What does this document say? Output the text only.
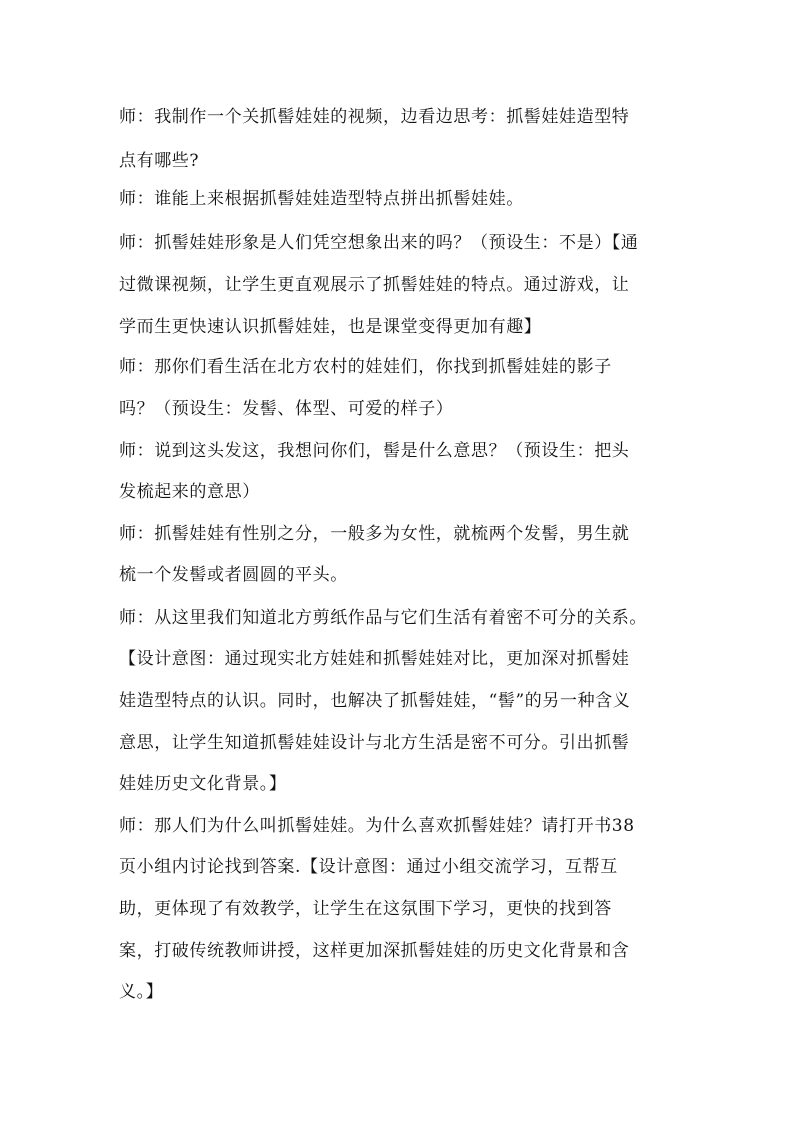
师：我制作一个关抓髻娃娃的视频，边看边思考：抓髻娃娃造型特
点有哪些?
师：谁能上来根据抓髻娃娃造型特点拼出抓髻娃娃。
师：抓髻娃娃形象是人们凭空想象出来的吗？（预设生：不是）【通
过微课视频，让学生更直观展示了抓髻娃娃的特点。通过游戏，让
学而生更快速认识抓髻娃娃，也是课堂变得更加有趣】
师：那你们看生活在北方农村的娃娃们，你找到抓髻娃娃的影子
吗？（预设生：发髻、体型、可爱的样子）
师：说到这头发这，我想问你们，髻是什么意思？（预设生：把头
发梳起来的意思）
师：抓髻娃娃有性别之分，一般多为女性，就梳两个发髻，男生就
梳一个发髻或者圆圆的平头。
师：从这里我们知道北方剪纸作品与它们生活有着密不可分的关系。
【设计意图：通过现实北方娃娃和抓髻娃娃对比，更加深对抓髻娃
娃造型特点的认识。同时，也解决了抓髻娃娃，“髻”的另一种含义
意思，让学生知道抓髻娃娃设计与北方生活是密不可分。引出抓髻
娃娃历史文化背景。】
师：那人们为什么叫抓髻娃娃。为什么喜欢抓髻娃娃？请打开书38
页小组内讨论找到答案.【设计意图：通过小组交流学习，互帮互
助，更体现了有效教学，让学生在这氛围下学习，更快的找到答
案，打破传统教师讲授，这样更加深抓髻娃娃的历史文化背景和含
义。】
